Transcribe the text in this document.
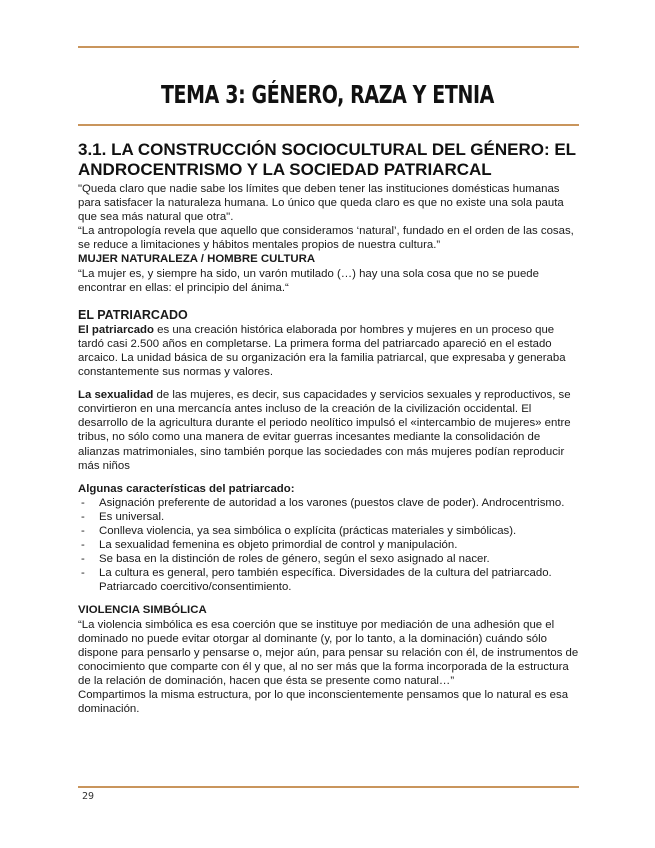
TEMA 3: GÉNERO, RAZA Y ETNIA
3.1. LA CONSTRUCCIÓN SOCIOCULTURAL DEL GÉNERO: EL ANDROCENTRISMO Y LA SOCIEDAD PATRIARCAL

"Queda claro que nadie sabe los límites que deben tener las instituciones domésticas humanas para satisfacer la naturaleza humana. Lo único que queda claro es que no existe una sola pauta que sea más natural que otra".

“La antropología revela que aquello que consideramos ‘natural’, fundado en el orden de las cosas, se reduce a limitaciones y hábitos mentales propios de nuestra cultura.”

MUJER NATURALEZA / HOMBRE CULTURA

“La mujer es, y siempre ha sido, un varón mutilado (…) hay una sola cosa que no se puede encontrar en ellas: el principio del ánima.“

EL PATRIARCADO

El patriarcado es una creación histórica elaborada por hombres y mujeres en un proceso que tardó casi 2.500 años en completarse. La primera forma del patriarcado apareció en el estado arcaico. La unidad básica de su organización era la familia patriarcal, que expresaba y generaba constantemente sus normas y valores.

La sexualidad de las mujeres, es decir, sus capacidades y servicios sexuales y reproductivos, se convirtieron en una mercancía antes incluso de la creación de la civilización occidental. El desarrollo de la agricultura durante el periodo neolítico impulsó el «intercambio de mujeres» entre tribus, no sólo como una manera de evitar guerras incesantes mediante la consolidación de alianzas matrimoniales, sino también porque las sociedades con más mujeres podían reproducir más niños

Algunas características del patriarcado:
- Asignación preferente de autoridad a los varones (puestos clave de poder). Androcentrismo.
- Es universal.
- Conlleva violencia, ya sea simbólica o explícita (prácticas materiales y simbólicas).
- La sexualidad femenina es objeto primordial de control y manipulación.
- Se basa en la distinción de roles de género, según el sexo asignado al nacer.
- La cultura es general, pero también específica. Diversidades de la cultura del patriarcado. Patriarcado coercitivo/consentimiento.
VIOLENCIA SIMBÓLICA

“La violencia simbólica es esa coerción que se instituye por mediación de una adhesión que el dominado no puede evitar otorgar al dominante (y, por lo tanto, a la dominación) cuándo sólo dispone para pensarlo y pensarse o, mejor aún, para pensar su relación con él, de instrumentos de conocimiento que comparte con él y que, al no ser más que la forma incorporada de la estructura de la relación de dominación, hacen que ésta se presente como natural…”

Compartimos la misma estructura, por lo que inconscientemente pensamos que lo natural es esa dominación.

29
